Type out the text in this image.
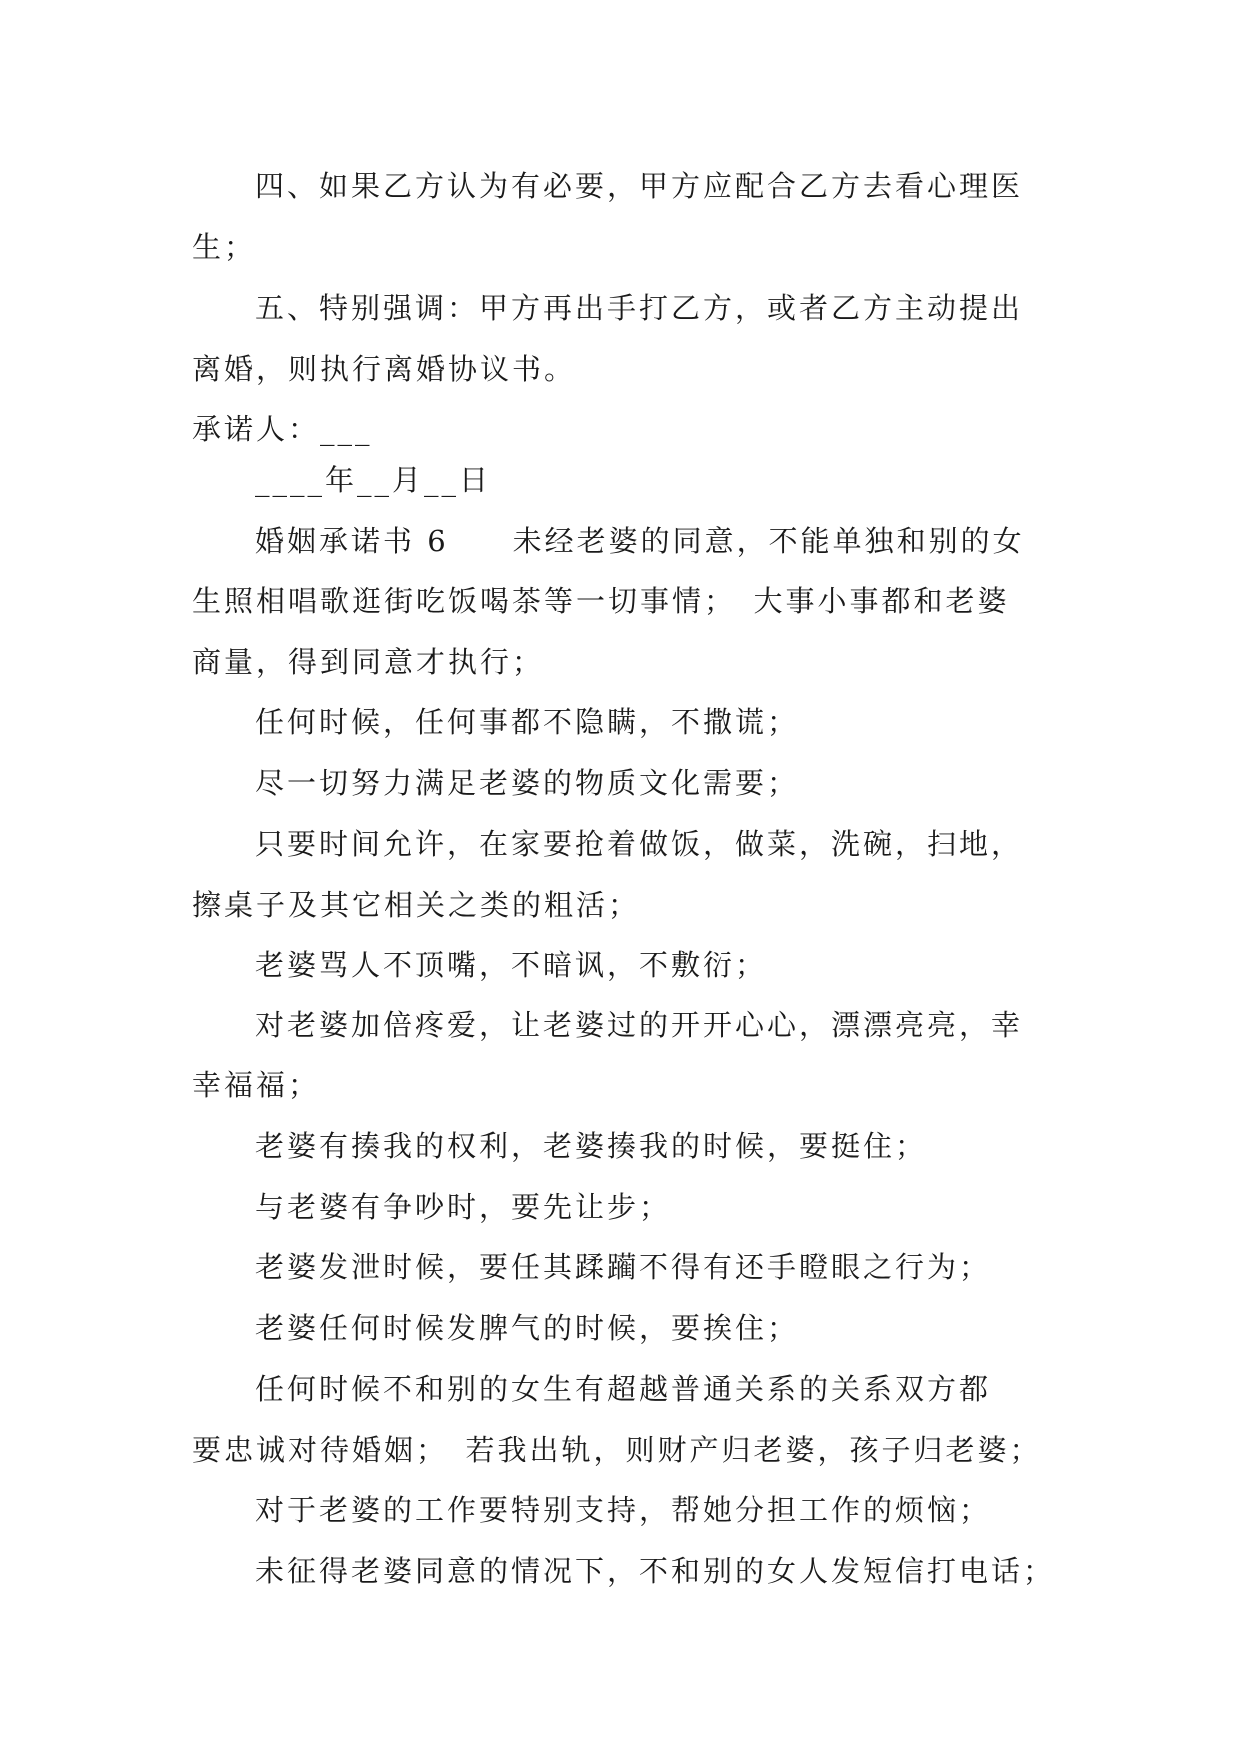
四、如果乙方认为有必要，甲方应配合乙方去看心理医
生；
五、特别强调：甲方再出手打乙方，或者乙方主动提出
离婚，则执行离婚协议书。
承诺人：___
____年__月__日
婚姻承诺书 6　　未经老婆的同意，不能单独和别的女
生照相唱歌逛街吃饭喝茶等一切事情；　大事小事都和老婆
商量，得到同意才执行；
任何时候，任何事都不隐瞒，不撒谎；
尽一切努力满足老婆的物质文化需要；
只要时间允许，在家要抢着做饭，做菜，洗碗，扫地，
擦桌子及其它相关之类的粗活；
老婆骂人不顶嘴，不暗讽，不敷衍；
对老婆加倍疼爱，让老婆过的开开心心，漂漂亮亮，幸
幸福福；
老婆有揍我的权利，老婆揍我的时候，要挺住；
与老婆有争吵时，要先让步；
老婆发泄时候，要任其蹂躏不得有还手瞪眼之行为；
老婆任何时候发脾气的时候，要挨住；
任何时候不和别的女生有超越普通关系的关系双方都
要忠诚对待婚姻；　若我出轨，则财产归老婆，孩子归老婆；
对于老婆的工作要特别支持，帮她分担工作的烦恼；
未征得老婆同意的情况下，不和别的女人发短信打电话；
